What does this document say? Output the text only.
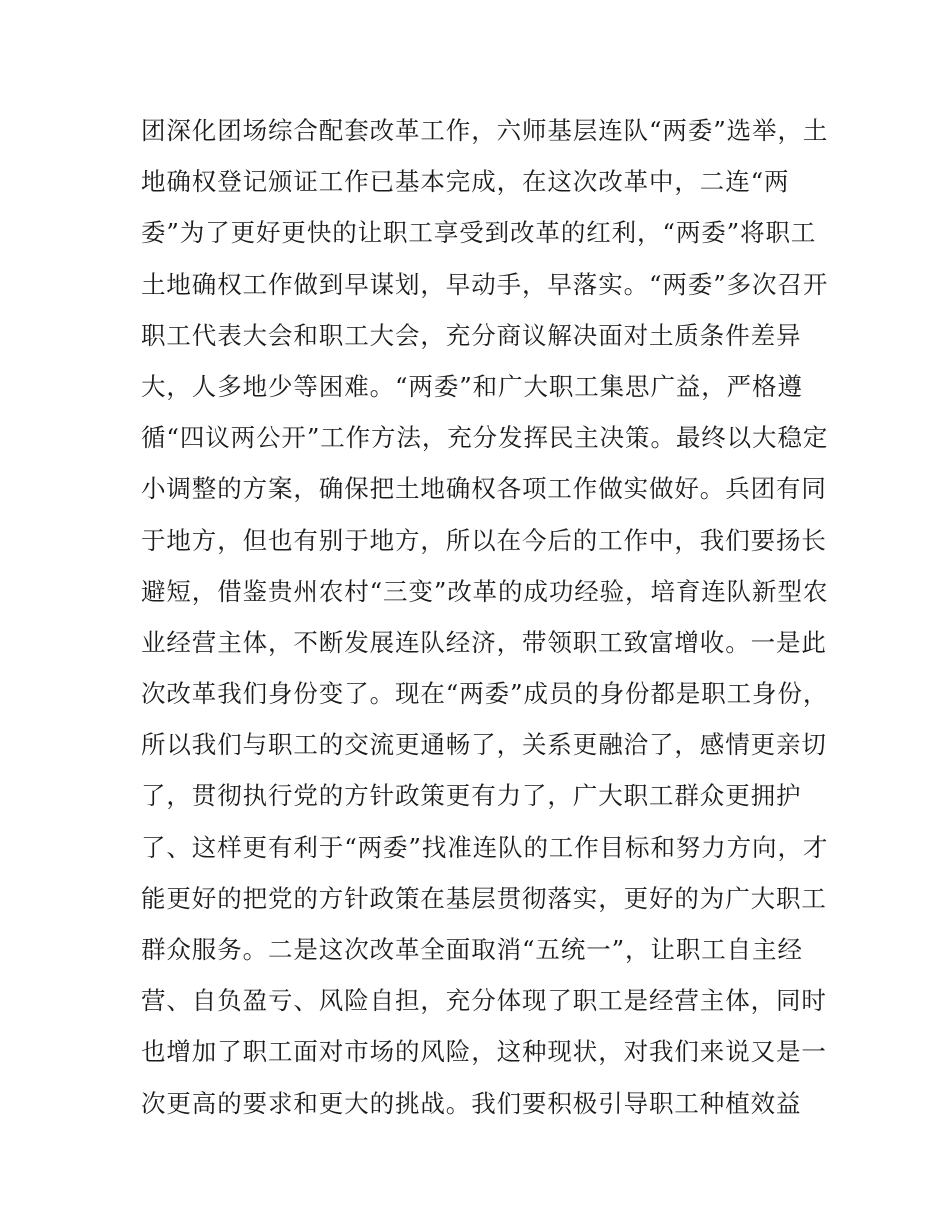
团深化团场综合配套改革工作，六师基层连队“两委”选举，土
地确权登记颁证工作已基本完成，在这次改革中，二连“两
委”为了更好更快的让职工享受到改革的红利，“两委”将职工
土地确权工作做到早谋划，早动手，早落实。“两委”多次召开
职工代表大会和职工大会，充分商议解决面对土质条件差异
大，人多地少等困难。“两委”和广大职工集思广益，严格遵
循“四议两公开”工作方法，充分发挥民主决策。最终以大稳定
小调整的方案，确保把土地确权各项工作做实做好。兵团有同
于地方，但也有别于地方，所以在今后的工作中，我们要扬长
避短，借鉴贵州农村“三变”改革的成功经验，培育连队新型农
业经营主体，不断发展连队经济，带领职工致富增收。一是此
次改革我们身份变了。现在“两委”成员的身份都是职工身份，
所以我们与职工的交流更通畅了，关系更融洽了，感情更亲切
了，贯彻执行党的方针政策更有力了，广大职工群众更拥护
了、这样更有利于“两委”找准连队的工作目标和努力方向，才
能更好的把党的方针政策在基层贯彻落实，更好的为广大职工
群众服务。二是这次改革全面取消“五统一”，让职工自主经
营、自负盈亏、风险自担，充分体现了职工是经营主体，同时
也增加了职工面对市场的风险，这种现状，对我们来说又是一
次更高的要求和更大的挑战。我们要积极引导职工种植效益
